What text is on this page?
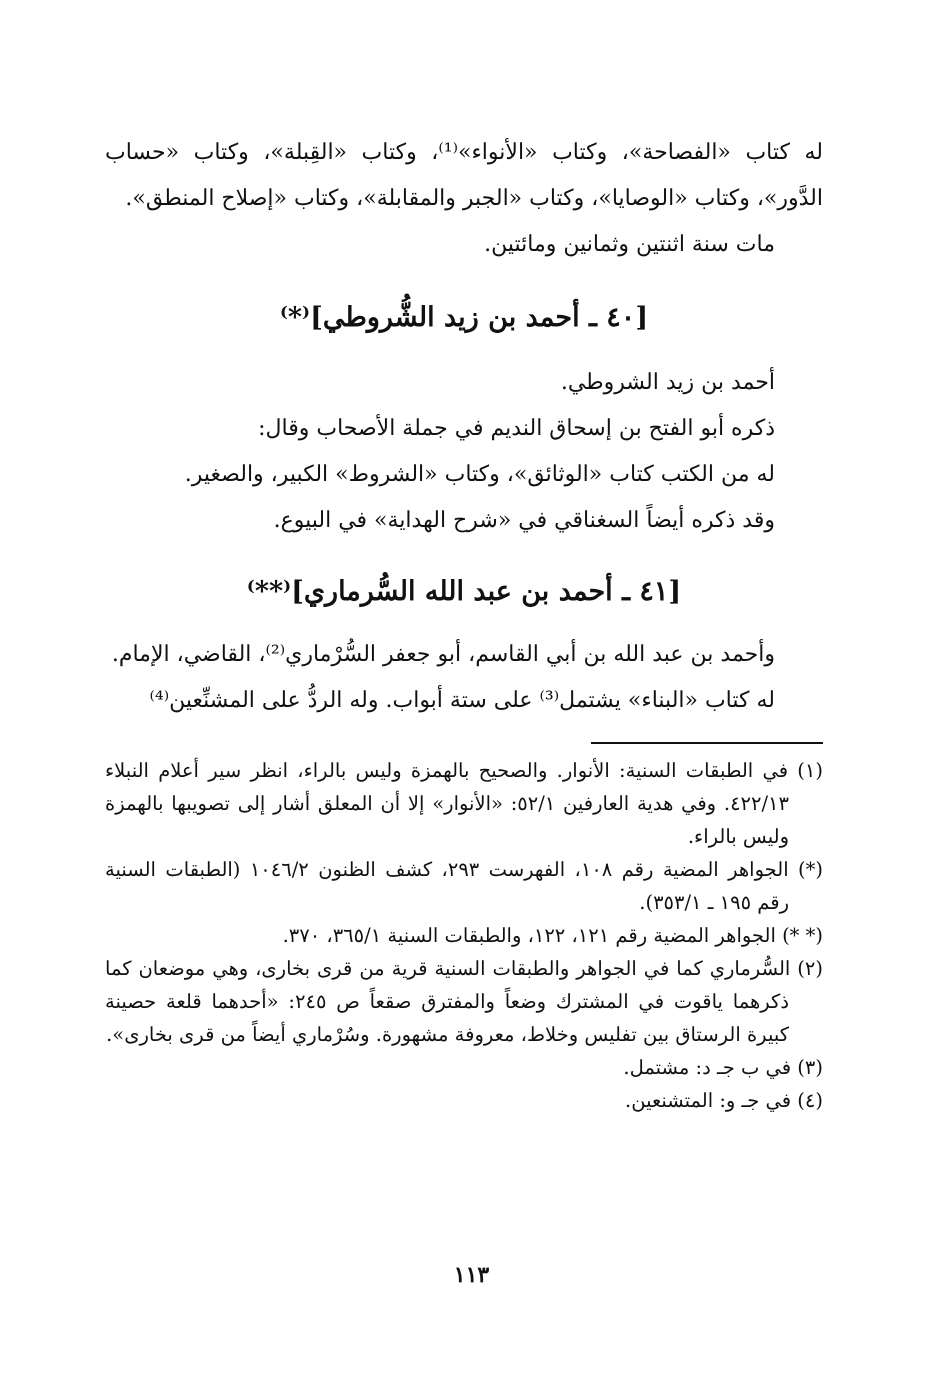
له كتاب «الفصاحة»، وكتاب «الأنواء»⁽¹⁾، وكتاب «القِبلة»، وكتاب «حساب الدَّور»، وكتاب «الوصايا»، وكتاب «الجبر والمقابلة»، وكتاب «إصلاح المنطق».

مات سنة اثنتين وثمانين ومائتين.

[٤٠ ـ أحمد بن زيد الشُّروطي]⁽*⁾

أحمد بن زيد الشروطي.

ذكره أبو الفتح بن إسحاق النديم في جملة الأصحاب وقال:

له من الكتب كتاب «الوثائق»، وكتاب «الشروط» الكبير، والصغير.

وقد ذكره أيضاً السغناقي في «شرح الهداية» في البيوع.

[٤١ ـ أحمد بن عبد الله السُّرماري]⁽**⁾

وأحمد بن عبد الله بن أبي القاسم، أبو جعفر السُّرْماري⁽²⁾، القاضي، الإمام.

له كتاب «البناء» يشتمل⁽³⁾ على ستة أبواب. وله الردُّ على المشنِّعين⁽⁴⁾

(١) في الطبقات السنية: الأنوار. والصحيح بالهمزة وليس بالراء، انظر سير أعلام النبلاء ٤٢٢/١٣. وفي هدية العارفين ٥٢/١: «الأنوار» إلا أن المعلق أشار إلى تصويبها بالهمزة وليس بالراء.

(*) الجواهر المضية رقم ١٠٨، الفهرست ٢٩٣، كشف الظنون ١٠٤٦/٢ (الطبقات السنية رقم ١٩٥ ـ ٣٥٣/١).

(* *) الجواهر المضية رقم ١٢١، ١٢٢، والطبقات السنية ٣٦٥/١، ٣٧٠.

(٢) السُّرماري كما في الجواهر والطبقات السنية قرية من قرى بخارى، وهي موضعان كما ذكرهما ياقوت في المشترك وضعاً والمفترق صقعاً ص ٢٤٥: «أحدهما قلعة حصينة كبيرة الرستاق بين تفليس وخلاط، معروفة مشهورة. وسُرْماري أيضاً من قرى بخارى».

(٣) في ب جـ د: مشتمل.

(٤) في جـ و: المتشنعين.

١١٣
